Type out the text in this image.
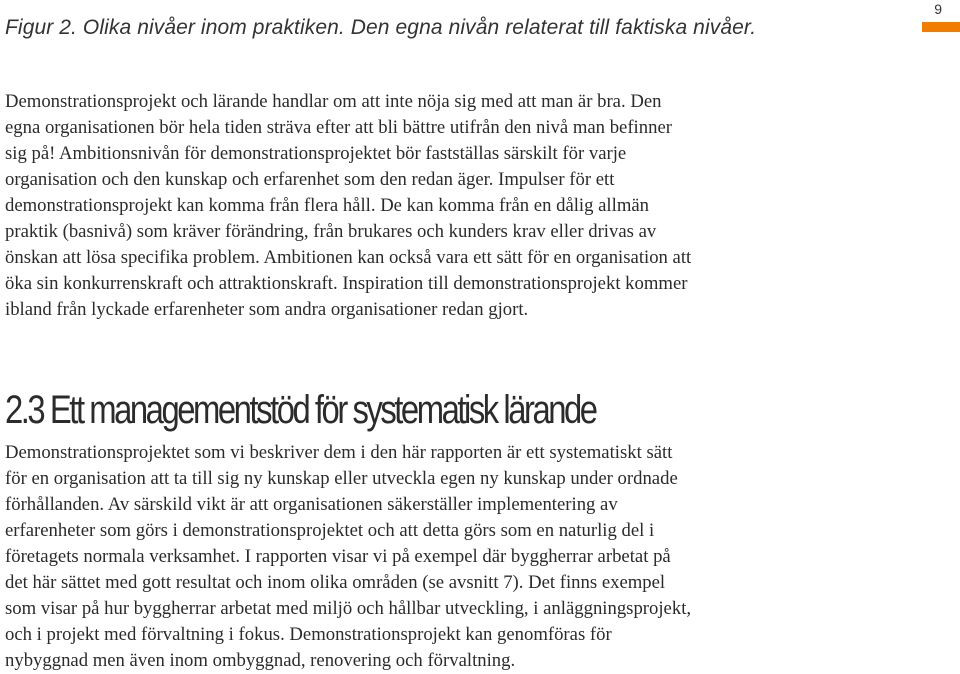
Figur 2. Olika nivåer inom praktiken. Den egna nivån relaterat till faktiska nivåer.
9

Demonstrationsprojekt och lärande handlar om att inte nöja sig med att man är bra. Den
egna organisationen bör hela tiden sträva efter att bli bättre utifrån den nivå man befinner
sig på! Ambitionsnivån för demonstrationsprojektet bör fastställas särskilt för varje
organisation och den kunskap och erfarenhet som den redan äger. Impulser för ett
demonstrationsprojekt kan komma från flera håll. De kan komma från en dålig allmän
praktik (basnivå) som kräver förändring, från brukares och kunders krav eller drivas av
önskan att lösa specifika problem. Ambitionen kan också vara ett sätt för en organisation att
öka sin konkurrenskraft och attraktionskraft. Inspiration till demonstrationsprojekt kommer
ibland från lyckade erfarenheter som andra organisationer redan gjort.

2.3 Ett managementstöd för systematisk lärande

Demonstrationsprojektet som vi beskriver dem i den här rapporten är ett systematiskt sätt
för en organisation att ta till sig ny kunskap eller utveckla egen ny kunskap under ordnade
förhållanden. Av särskild vikt är att organisationen säkerställer implementering av
erfarenheter som görs i demonstrationsprojektet och att detta görs som en naturlig del i
företagets normala verksamhet. I rapporten visar vi på exempel där byggherrar arbetat på
det här sättet med gott resultat och inom olika områden (se avsnitt 7). Det finns exempel
som visar på hur byggherrar arbetat med miljö och hållbar utveckling, i anläggningsprojekt,
och i projekt med förvaltning i fokus. Demonstrationsprojekt kan genomföras för
nybyggnad men även inom ombyggnad, renovering och förvaltning.
